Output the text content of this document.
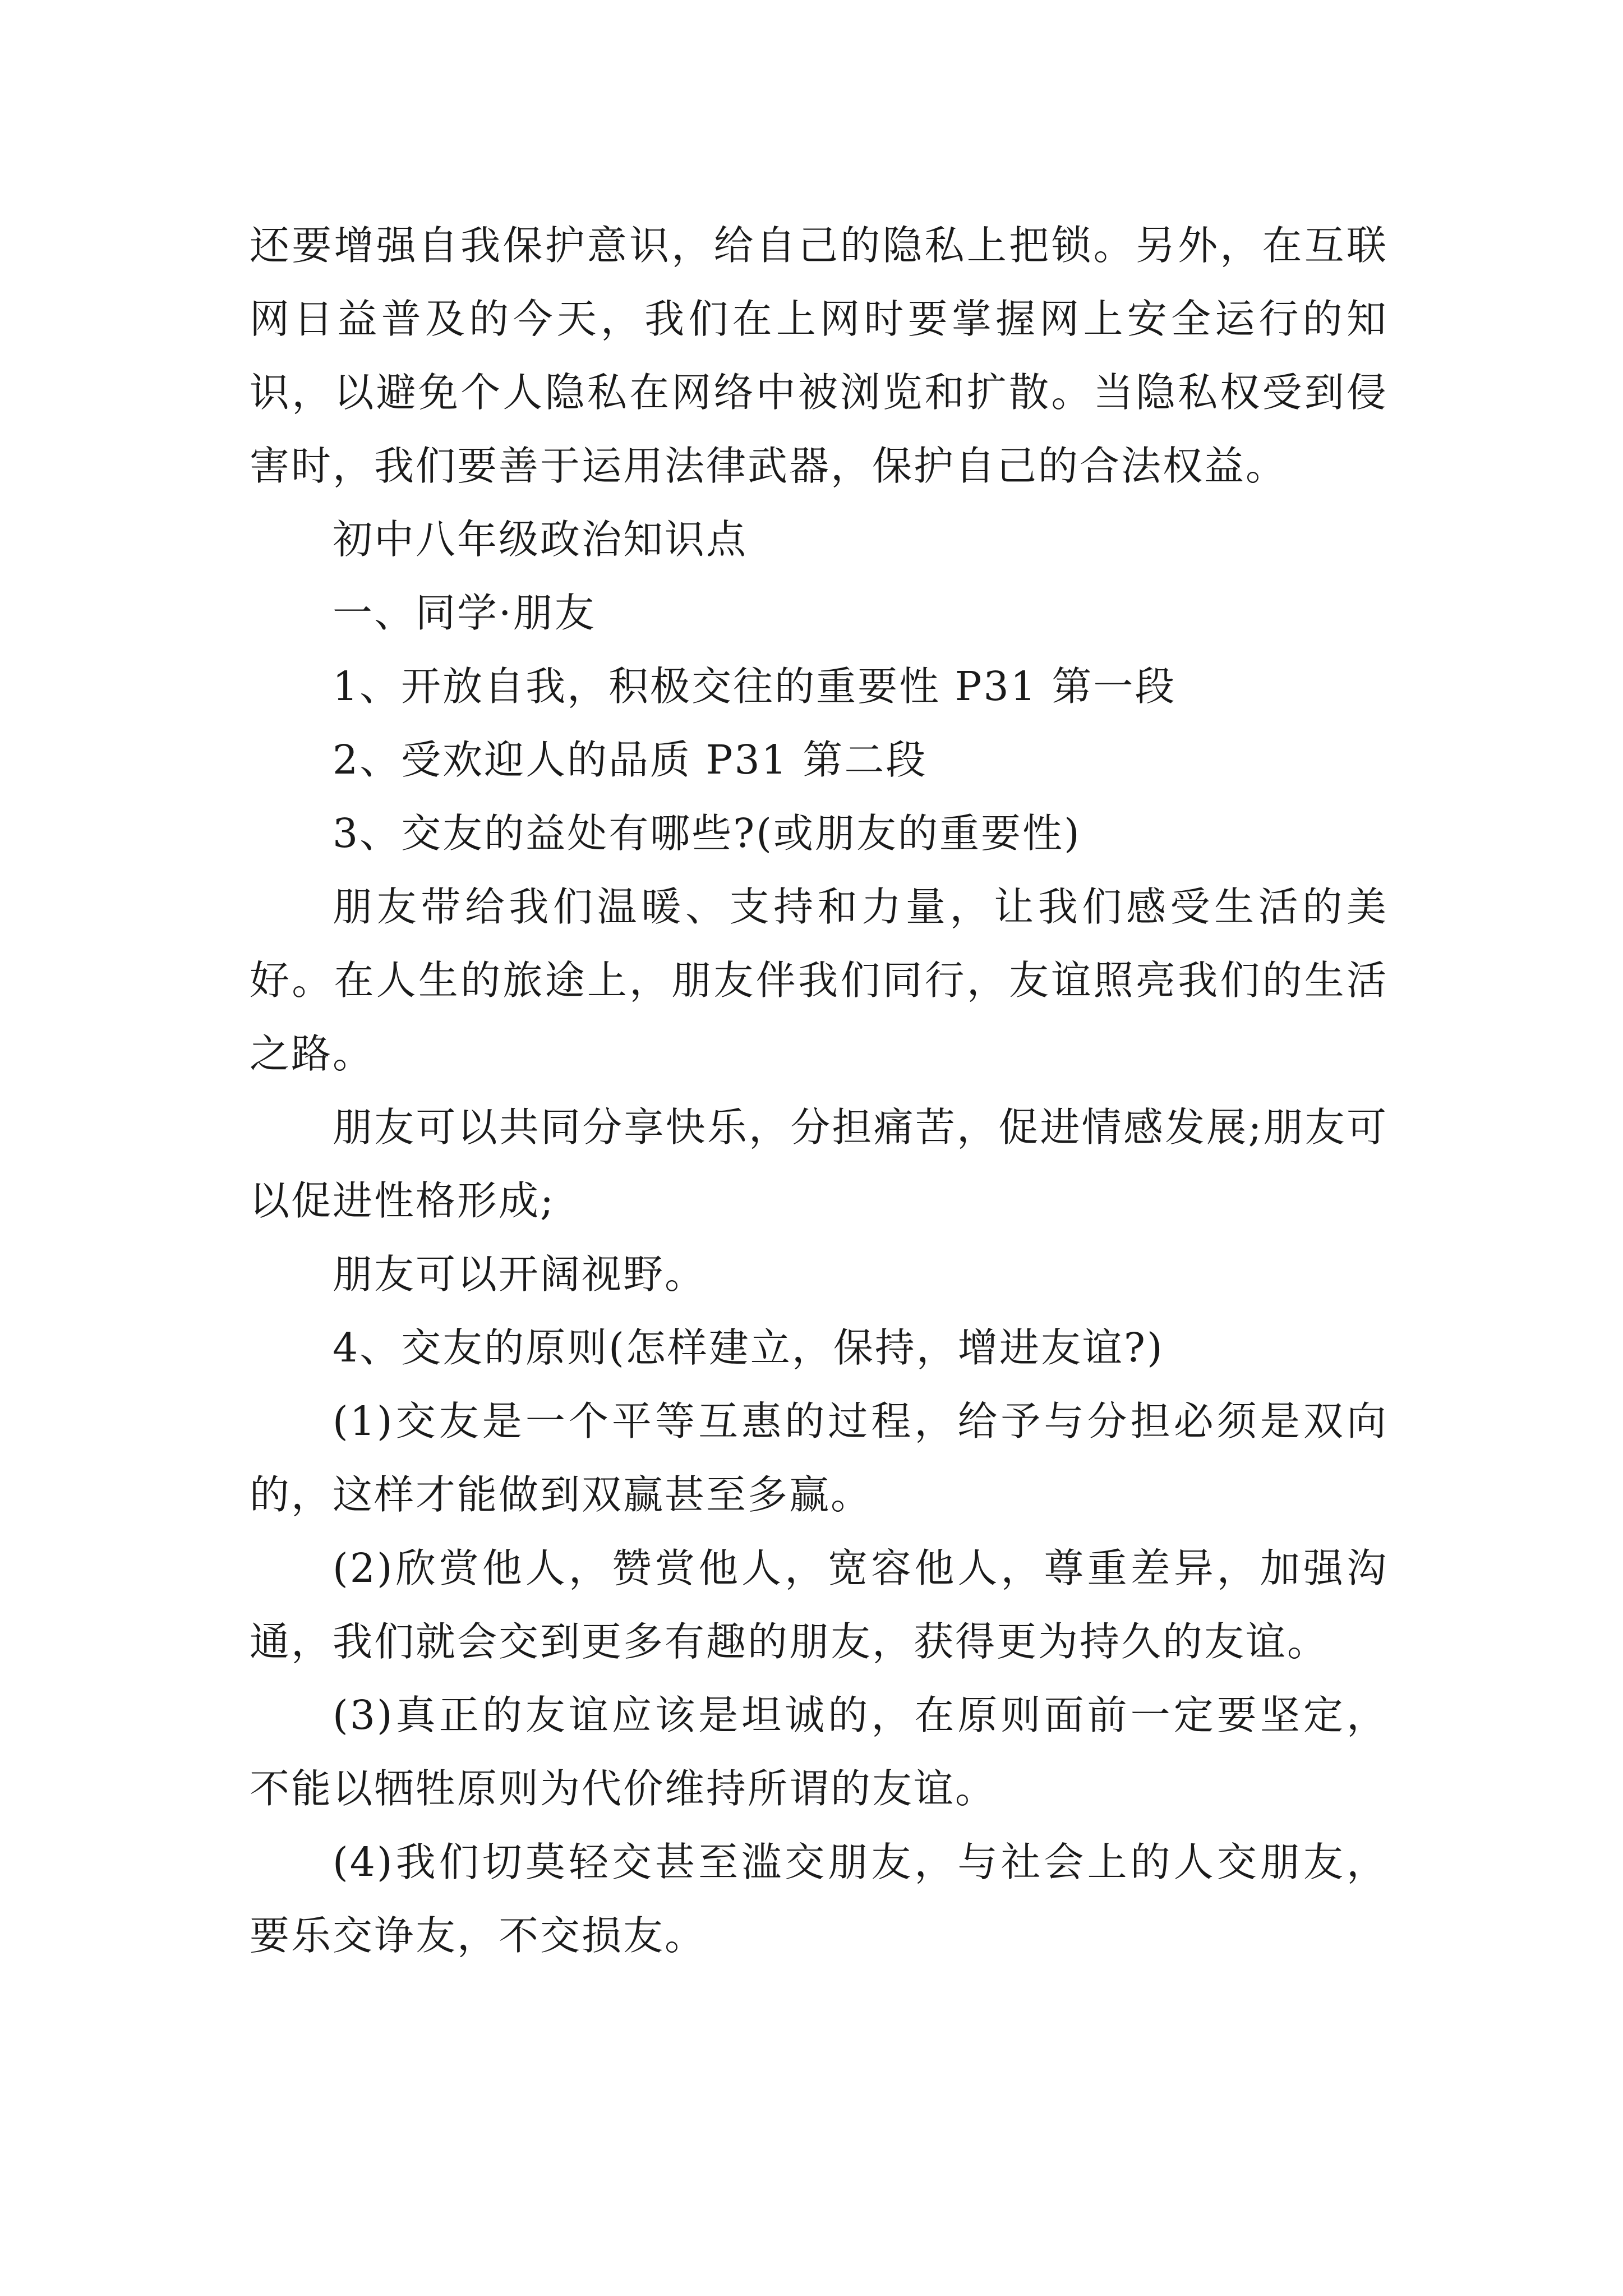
还要增强自我保护意识，给自己的隐私上把锁。另外，在互联网日益普及的今天，我们在上网时要掌握网上安全运行的知识，以避免个人隐私在网络中被浏览和扩散。当隐私权受到侵害时，我们要善于运用法律武器，保护自己的合法权益。

初中八年级政治知识点

一、同学·朋友

1、开放自我，积极交往的重要性 P31 第一段

2、受欢迎人的品质 P31 第二段

3、交友的益处有哪些?(或朋友的重要性)

朋友带给我们温暖、支持和力量，让我们感受生活的美好。在人生的旅途上，朋友伴我们同行，友谊照亮我们的生活之路。

朋友可以共同分享快乐，分担痛苦，促进情感发展;朋友可以促进性格形成;

朋友可以开阔视野。

4、交友的原则(怎样建立，保持，增进友谊?)

(1)交友是一个平等互惠的过程，给予与分担必须是双向的，这样才能做到双赢甚至多赢。

(2)欣赏他人，赞赏他人，宽容他人，尊重差异，加强沟通，我们就会交到更多有趣的朋友，获得更为持久的友谊。

(3)真正的友谊应该是坦诚的，在原则面前一定要坚定，不能以牺牲原则为代价维持所谓的友谊。

(4)我们切莫轻交甚至滥交朋友，与社会上的人交朋友，要乐交诤友，不交损友。
